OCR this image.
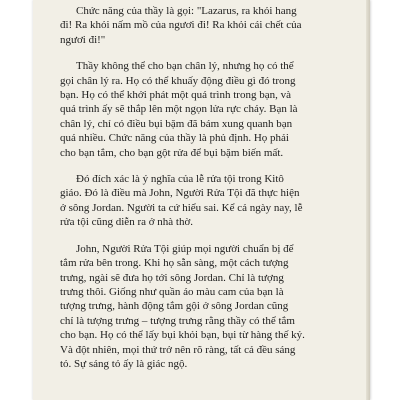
Chức năng của thầy là gọi: "Lazarus, ra khỏi hang
đi! Ra khỏi nấm mồ của ngươi đi! Ra khỏi cái chết của
ngươi đi!"

Thầy không thể cho bạn chân lý, nhưng họ có thể
gọi chân lý ra. Họ có thể khuấy động điều gì đó trong
bạn. Họ có thể khởi phát một quá trình trong bạn, và
quá trình ấy sẽ thắp lên một ngọn lửa rực cháy. Bạn là
chân lý, chỉ có điều bụi bặm đã bám xung quanh bạn
quá nhiều. Chức năng của thầy là phủ định. Họ phải
cho bạn tắm, cho bạn gột rửa để bụi bặm biến mất.

Đó đích xác là ý nghĩa của lễ rửa tội trong Kitô
giáo. Đó là điều mà John, Người Rửa Tội đã thực hiện
ở sông Jordan. Người ta cứ hiểu sai. Kể cả ngày nay, lễ
rửa tội cũng diễn ra ở nhà thờ.

John, Người Rửa Tội giúp mọi người chuẩn bị để
tắm rửa bên trong. Khi họ sẵn sàng, một cách tượng
trưng, ngài sẽ đưa họ tới sông Jordan. Chỉ là tượng
trưng thôi. Giống như quần áo màu cam của bạn là
tượng trưng, hành động tắm gội ở sông Jordan cũng
chỉ là tượng trưng – tượng trưng rằng thầy có thể tắm
cho bạn. Họ có thể lấy bụi khỏi bạn, bụi từ hàng thế kỷ.
Và đột nhiên, mọi thứ trở nên rõ ràng, tất cả đều sáng
tỏ. Sự sáng tỏ ấy là giác ngộ.
